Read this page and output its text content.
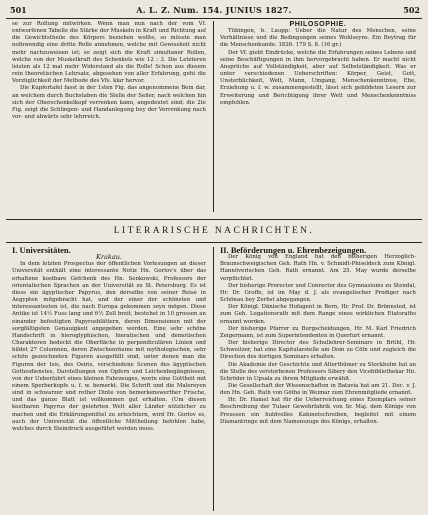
501	A. L. Z. Num. 154. JUNIUS 1827.	502

se zur Rollung mitwirken. Wenn man nun nach der vom Vf. entworfenen Tabelle die Stärke der Muskeln in Kraft und Richtung auf die Gewichtstheile des Körpers beziehen wollte, so müsste man nothwendig eine dritte Rolle annehmen, welche mit Gewissheit nicht mehr nachzuweisen ist; so zeigt sich die Kraft simultaner Rollen, welche von der Muskelkraft des Schenkels wie 12 : 3. Die Letzteren leisten als 12 mal mehr Widerstand als die Rolle! Schon aus diesem rein theoretischen Lehrsatz, abgesehen von aller Erfahrung, geht die Vorzüglichkeit der Methode des Vfs. klar hervor.

Die Kupfertafel fasst in der 1sten Fig. das angenommene Bein dar, an welchem durch Buchstaben die Stelle der Seiler, nach welchen hin sich der Oberschenkelkopf verrenken kann, angedeutet sind; die 2te Fig. zeigt die Schlingen- und Handanlegung bey der Verrenkung nach vor- und abwärts sehr lehrreich.

PHILOSOPHIE.

Tübingen, b. Laupp: Ueber die Natur des Menschen, seine Verhältnisse und die Bedingungen seines Wohlseyns. Ein Beytrag für die Menschenkunde. 1826. 179 S. 8. (16 gr.)

Der Vf. giebt Eindrücke, welche die Erfahrungen seines Lebens und seine Beschäftigungen in ihm hervorgebracht haben. Er macht nicht Ansprüche auf Vollständigkeit, aber auf Selbstständigkeit. Was er unter verschiedenen Ueberschriften: Körper, Geist, Gott, Unsterblichkeit, Welt, Mann, Umgang, Menschenkenntniss, Ehe, Erziehung u. f. w. zusammengestellt, lässt sich gebildeten Lesern zur Erweiterung und Berichtigung ihrer Welt und Menschenkenntniss empfehlen.

LITERARISCHE NACHRICHTEN.

I. Universitäten.

Krakau.

In dem letzten Prospectus der öffentlichen Vorlesungen an dieser Universität enthält eine interessante Notiz Hn. Gorlov's über das erhaltene kostbare Gefchenk des Hn. Senkowski, Professors der orientalischen Sprachen an der Universität zu St. Petersburg. Es ist diess ein ägyptischer Papyrus, den derselbe von seiner Reise in Aegypten mitgebracht hat, und der einer der schönsten und interessantesten ist, die nach Europa gekommen seyn mögen. Diese Antike ist 14½ Fuss lang und 6½ Zoll breit, bestehet in 10 grossen an einander befestigten Papyrusblättern, deren Dimensionen mit der sorgfältigsten Genauigkeit angegeben werden. Eine sehr schöne Handschrift in hieroglyphischen, hieratischen und demotischen Charakteren bedeckt die Oberfläche in perpendiculären Linien und bildet 27 Columnen, deren Zwischenräume mit mythologischen, sehr schön gezeichneten Figuren ausgefüllt sind, unter denen man die Figuren der Isis, des Osiris, verschiedene Scenen des ägyptischen Gottesdienstes, Darstellungen von Opfern und Leichenbegängnissen, von der Ueberfahrt eines kleinen Fahrzeuges, worin eine Gottheit mit einem Sperberkopfe u. f. w. bemerkt. Die Schrift und die Malereyen sind in schwarzer und rother Dinte von bemerkenswerther Frische, und das ganze Blatt ist vollkommen gut erhalten. (Um diesen kostbaren Papyrus der gelehrten Welt aller Länder nützlicher zu machen und die Erklärungsmittel zu erleichtern, wird Hr. Gorlov es, auch der Universität die öffentliche Mittheilung befohlen habe, welches durch Steindruck ausgeführt werden muss.

II. Beförderungen u. Ehrenbezeigungen.

Der König von England hat den bisherigen Herzoglich-Braunschweigischen Geh. Rath Hn. v. Schmidt-Phiseldeck zum Königl. Hannöverischen Geh. Rath ernannt. Am 25. May wurde derselbe verpflichtet.

Der bisherige Prorector und Conrector des Gymnasiums zu Stendal, Hr. Dr. Groffe, ist im May d. J. als evangelischer Prediger nach Schönau bey Zerbst abgegangen.

Der Königl. Dänische Hofagent in Bern, Hr. Prof. Dr. Brönnsted, ist zum Geh. Legationsrath mit dem Range eines wirklichen Etatsraths ernannt worden.

Der bisherige Pfarrer zu Burgscheidungen, Hr. M. Karl Friedrich Zeigermann, ist zum Superintendenten in Querfurt ernannt.

Der bisherige Director des Schullehrer-Seminars in Brühl, Hr. Schweitzer, hat eine Kapitularstelle am Dom zu Cöln und zugleich die Direction des dortigen Seminars erhalten.

Die Akademie der Geschichte und Alterthümer zu Stockholm hat an die Stelle des verstorbenen Professors Sibery den Vicebibliothekar Hn. Schröder in Upsala zu ihrem Mitgliede erwählt.

Die Gesellschaft der Wissenschaften in Batavia hat am 21. Dec. v. J. den Hn. Geh. Rath von Göthe in Weimar zum Ehrenmitgliede ernannt.

Hr. Dr. Hamel hat für die Ueberreichung eines Exemplars seiner Beschreibung der Tulaer Gewehrfabrik von Sr. Maj. dem Könige von Preussen ein huldvolles Kabinetschreiben, begleitet mit einem Diamantringe mit dem Namenszuge des Königs, erhalten.
